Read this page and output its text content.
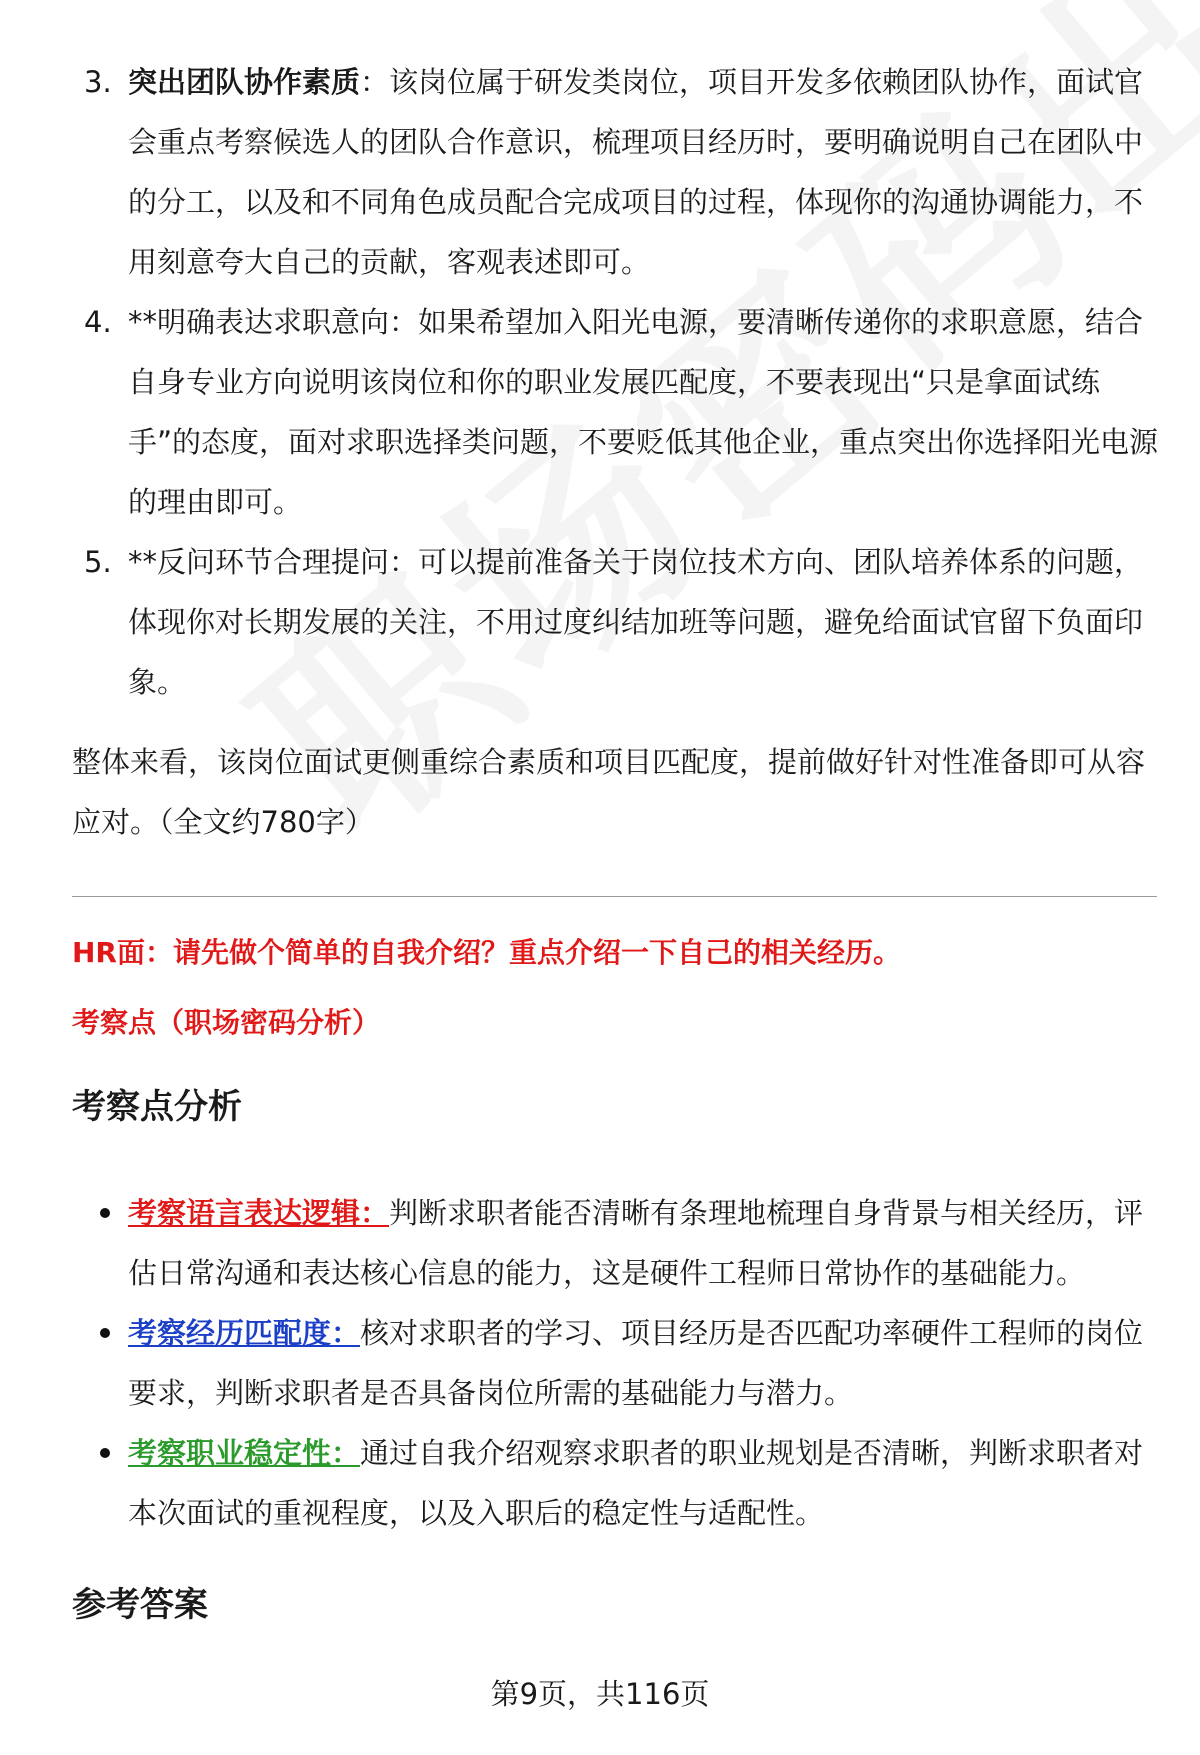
3. 突出团队协作素质：该岗位属于研发类岗位，项目开发多依赖团队协作，面试官会重点考察候选人的团队合作意识，梳理项目经历时，要明确说明自己在团队中的分工，以及和不同角色成员配合完成项目的过程，体现你的沟通协调能力，不用刻意夸大自己的贡献，客观表述即可。
4. **明确表达求职意向：如果希望加入阳光电源，要清晰传递你的求职意愿，结合自身专业方向说明该岗位和你的职业发展匹配度，不要表现出“只是拿面试练手”的态度，面对求职选择类问题，不要贬低其他企业，重点突出你选择阳光电源的理由即可。
5. **反问环节合理提问：可以提前准备关于岗位技术方向、团队培养体系的问题，体现你对长期发展的关注，不用过度纠结加班等问题，避免给面试官留下负面印象。

整体来看，该岗位面试更侧重综合素质和项目匹配度，提前做好针对性准备即可从容应对。（全文约780字）

HR面：请先做个简单的自我介绍？重点介绍一下自己的相关经历。

考察点（职场密码分析）

考察点分析
考察语言表达逻辑：判断求职者能否清晰有条理地梳理自身背景与相关经历，评估日常沟通和表达核心信息的能力，这是硬件工程师日常协作的基础能力。
考察经历匹配度：核对求职者的学习、项目经历是否匹配功率硬件工程师的岗位要求，判断求职者是否具备岗位所需的基础能力与潜力。
考察职业稳定性：通过自我介绍观察求职者的职业规划是否清晰，判断求职者对本次面试的重视程度，以及入职后的稳定性与适配性。
参考答案
第9页，共116页
